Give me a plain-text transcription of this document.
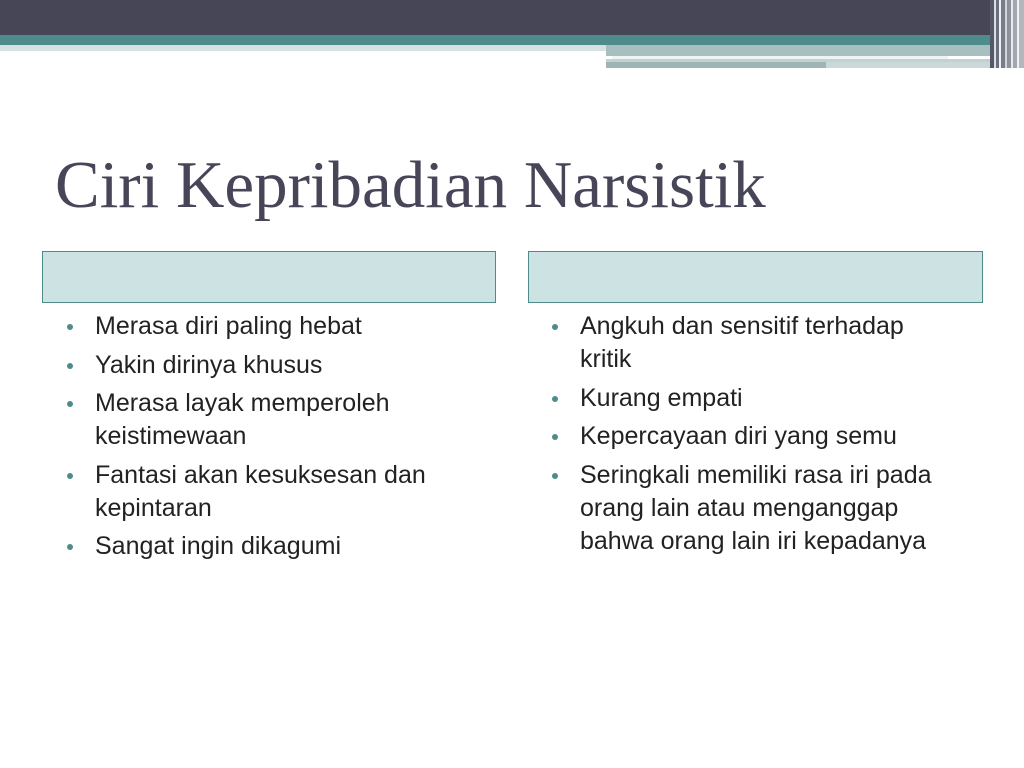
Ciri Kepribadian Narsistik
Merasa diri paling hebat
Yakin dirinya khusus
Merasa layak memperoleh
keistimewaan
Fantasi akan kesuksesan dan
kepintaran
Sangat ingin dikagumi
Angkuh dan sensitif terhadap
kritik
Kurang empati
Kepercayaan diri yang semu
Seringkali memiliki rasa iri pada
orang lain atau menganggap
bahwa orang lain iri kepadanya
